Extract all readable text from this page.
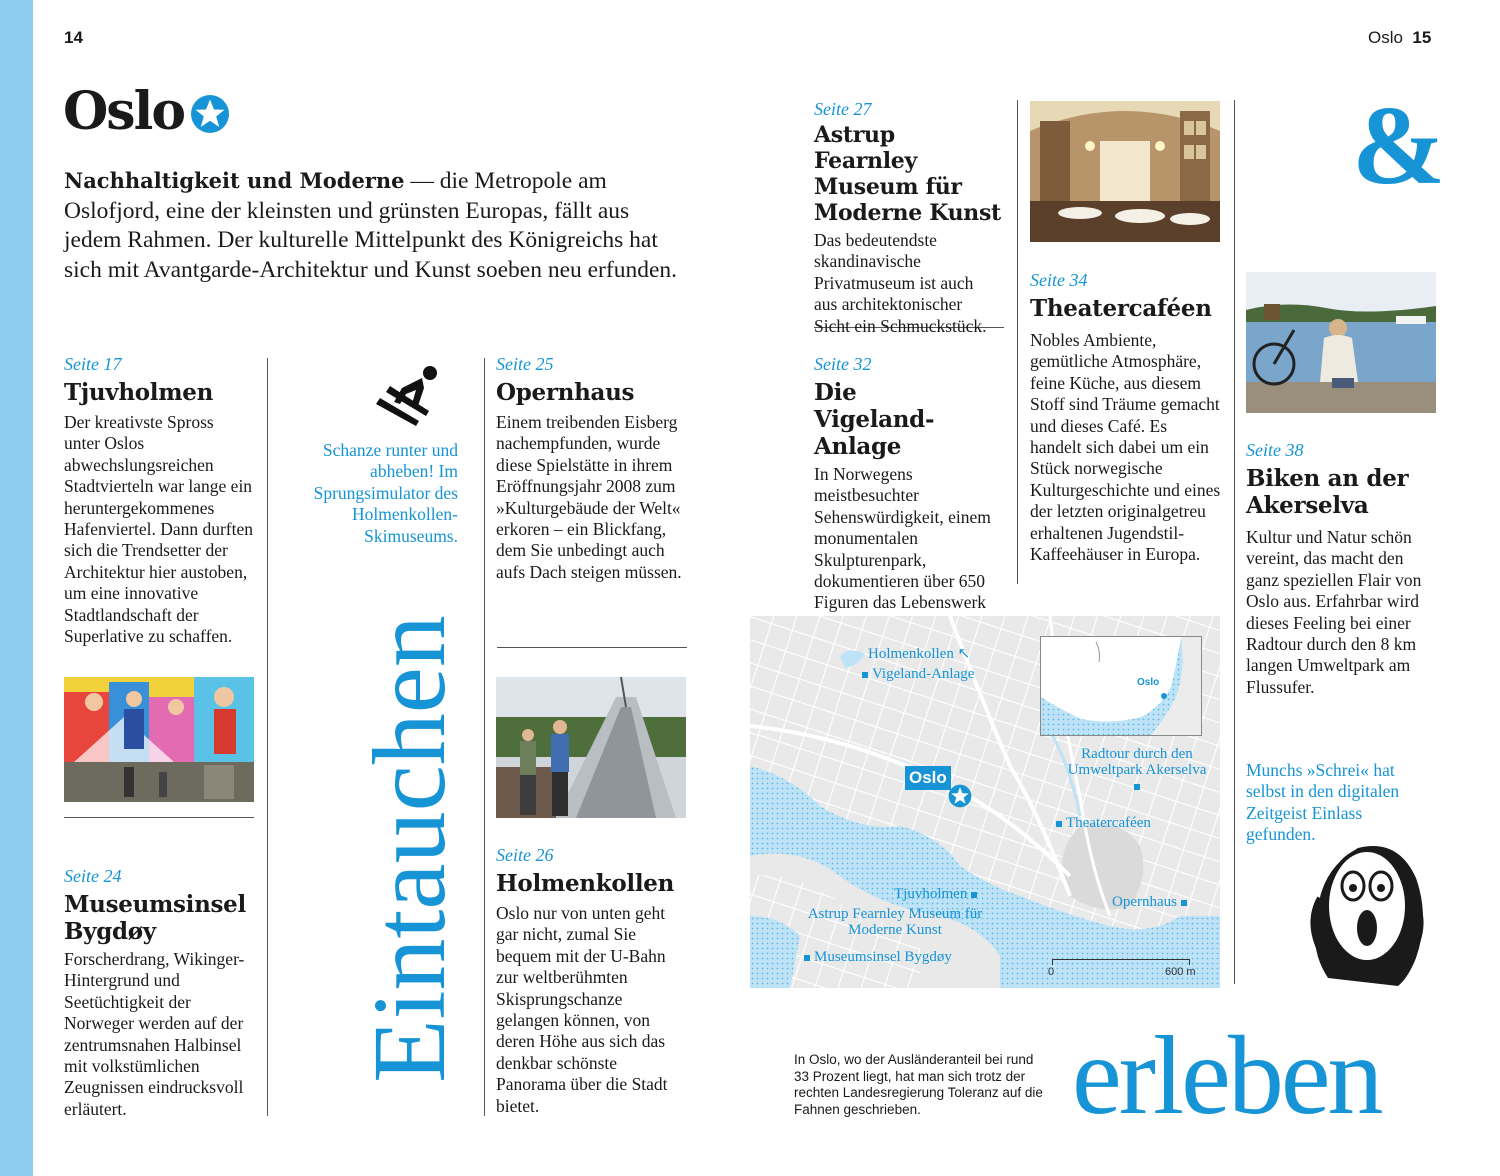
14	Oslo 15
Oslo
Nachhaltigkeit und Moderne — die Metropole am Oslofjord, eine der kleinsten und grünsten Europas, fällt aus jedem Rahmen. Der kulturelle Mittelpunkt des Königreichs hat sich mit Avantgarde-Architektur und Kunst soeben neu erfunden.
Seite 17
Tjuvholmen
Der kreativste Spross unter Oslos abwechslungsreichen Stadtvierteln war lange ein heruntergekommenes Hafenviertel. Dann durften sich die Trendsetter der Architektur hier austoben, um eine innovative Stadtlandschaft der Superlative zu schaffen.
Seite 24
Museumsinsel Bygdøy
Forscherdrang, Wikinger-Hintergrund und Seetüchtigkeit der Norweger werden auf der zentrumsnahen Halbinsel mit volkstümlichen Zeugnissen eindrucksvoll erläutert.
Schanze runter und abheben! Im Sprungsimulator des Holmenkollen-Skimuseums.
Eintauchen
Seite 25
Opernhaus
Einem treibenden Eisberg nachempfunden, wurde diese Spielstätte in ihrem Eröffnungsjahr 2008 zum »Kulturgebäude der Welt« erkoren – ein Blickfang, dem Sie unbedingt auch aufs Dach steigen müssen.
Seite 26
Holmenkollen
Oslo nur von unten geht gar nicht, zumal Sie bequem mit der U-Bahn zur weltberühmten Skisprungschanze gelangen können, von deren Höhe aus sich das denkbar schönste Panorama über die Stadt bietet.
Seite 27
Astrup Fearnley Museum für Moderne Kunst
Das bedeutendste skandinavische Privatmuseum ist auch aus architektonischer Sicht ein Schmuckstück.
Seite 32
Die Vigeland-Anlage
In Norwegens meistbesuchter Sehenswürdigkeit, einem monumentalen Skulpturenpark, dokumentieren über 650 Figuren das Lebenswerk
Seite 34
Theatercaféen
Nobles Ambiente, gemütliche Atmosphäre, feine Küche, aus diesem Stoff sind Träume gemacht und dieses Café. Es handelt sich dabei um ein Stück norwegische Kulturgeschichte und eines der letzten originalgetreu erhaltenen Jugendstil-Kaffeehäuser in Europa.
&
Seite 38
Biken an der Akerselva
Kultur und Natur schön vereint, das macht den ganz speziellen Flair von Oslo aus. Erfahrbar wird dieses Feeling bei einer Radtour durch den 8 km langen Umweltpark am Flussufer.
Munchs »Schrei« hat selbst in den digitalen Zeitgeist Einlass gefunden.
Oslo
Holmenkollen ↖
Vigeland-Anlage
Radtour durch den Umweltpark Akerselva
Theatercaféen
Tjuvholmen
Astrup Fearnley Museum für Moderne Kunst
Opernhaus
Museumsinsel Bygdøy
Oslo
0	600 m
In Oslo, wo der Ausländeranteil bei rund 33 Prozent liegt, hat man sich trotz der rechten Landesregierung Toleranz auf die Fahnen geschrieben.	erleben
